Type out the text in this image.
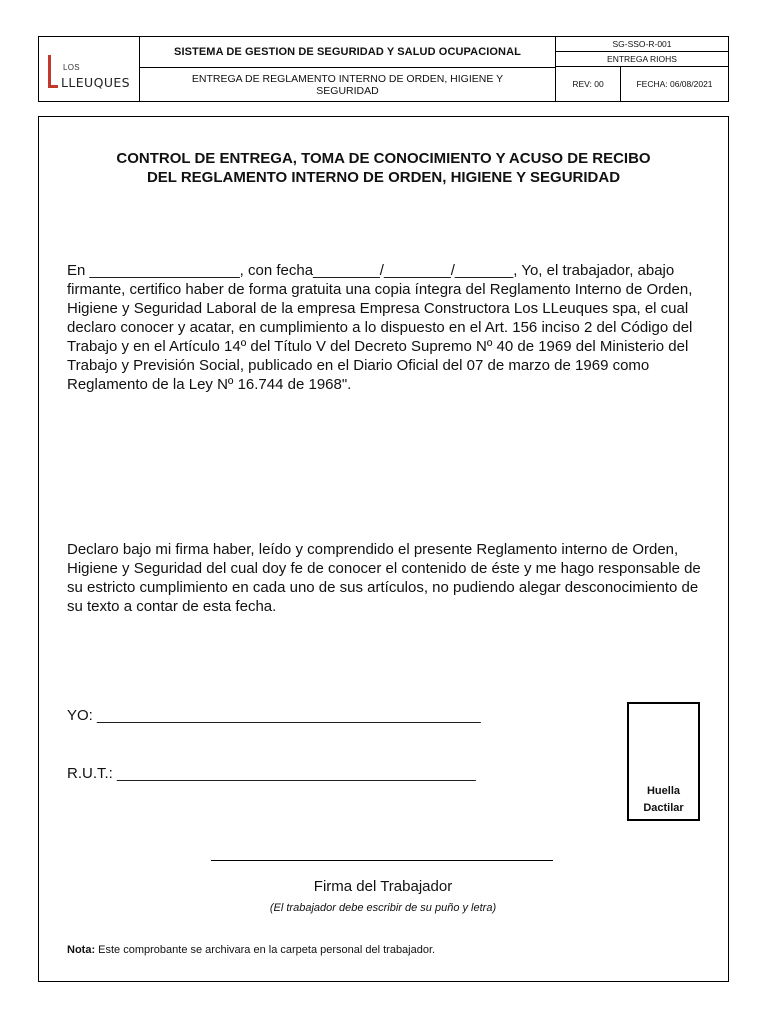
LOS
LLEUQUES
SISTEMA DE GESTION DE SEGURIDAD Y SALUD OCUPACIONAL
ENTREGA DE REGLAMENTO INTERNO DE ORDEN, HIGIENE Y SEGURIDAD
SG-SSO-R-001
ENTREGA RIOHS
REV: 00	FECHA: 06/08/2021
CONTROL DE ENTREGA, TOMA DE CONOCIMIENTO Y ACUSO DE RECIBO
DEL REGLAMENTO INTERNO DE ORDEN, HIGIENE Y SEGURIDAD

En __________________, con fecha________/________/_______, Yo, el trabajador, abajo firmante, certifico haber de forma gratuita una copia íntegra del Reglamento Interno de Orden, Higiene y Seguridad Laboral de la empresa Empresa Constructora Los LLeuques spa, el cual declaro conocer y acatar, en cumplimiento a lo dispuesto en el Art. 156 inciso 2 del Código del Trabajo y en el Artículo 14º del Título V del Decreto Supremo Nº 40 de 1969 del Ministerio del Trabajo y Previsión Social, publicado en el Diario Oficial del 07 de marzo de 1969 como Reglamento de la Ley Nº 16.744 de 1968".

Declaro bajo mi firma haber, leído y comprendido el presente Reglamento interno de Orden, Higiene y Seguridad del cual doy fe de conocer el contenido de éste y me hago responsable de su estricto cumplimiento en cada uno de sus artículos, no pudiendo alegar desconocimiento de su texto a contar de esta fecha.

YO: ______________________________________________
R.U.T.: ___________________________________________
Huella
Dactilar
Firma del Trabajador
(El trabajador debe escribir de su puño y letra)
Nota: Este comprobante se archivara en la carpeta personal del trabajador.
